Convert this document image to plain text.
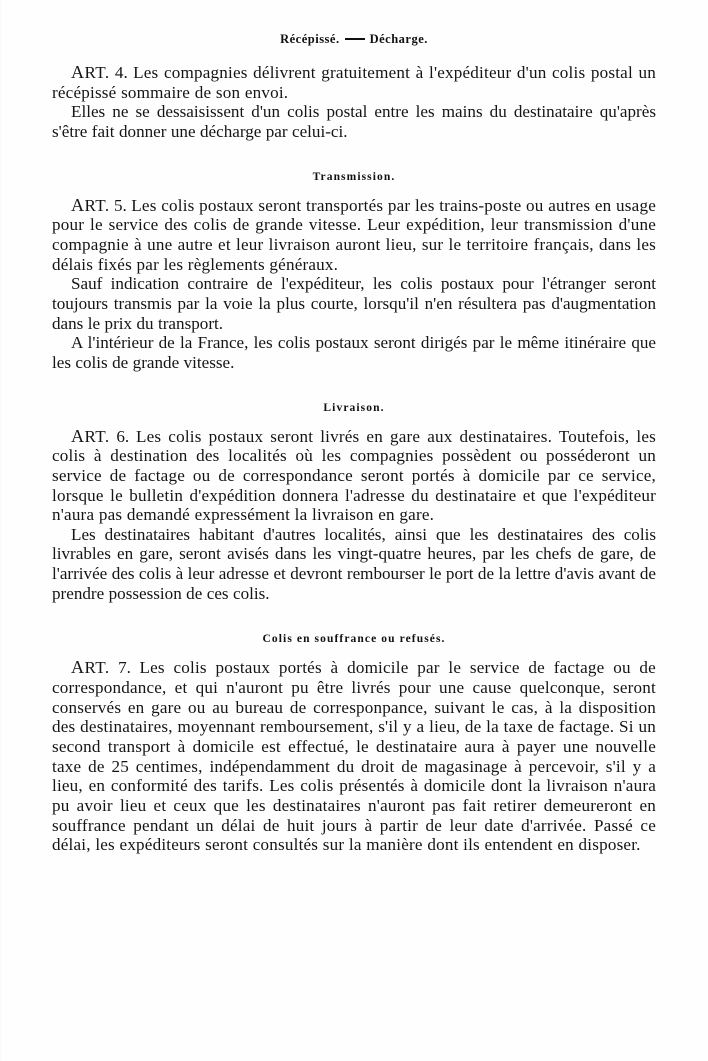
Récépissé. Décharge.

ART. 4. Les compagnies délivrent gratuitement à l'expéditeur d'un colis postal un récépissé sommaire de son envoi.

Elles ne se dessaisissent d'un colis postal entre les mains du destinataire qu'après s'être fait donner une décharge par celui-ci.

Transmission.

ART. 5. Les colis postaux seront transportés par les trains-poste ou autres en usage pour le service des colis de grande vitesse. Leur expédition, leur transmission d'une compagnie à une autre et leur livraison auront lieu, sur le territoire français, dans les délais fixés par les règlements généraux.

Sauf indication contraire de l'expéditeur, les colis postaux pour l'étranger seront toujours transmis par la voie la plus courte, lorsqu'il n'en résultera pas d'augmentation dans le prix du transport.

A l'intérieur de la France, les colis postaux seront dirigés par le même itinéraire que les colis de grande vitesse.

Livraison.

ART. 6. Les colis postaux seront livrés en gare aux destinataires. Toutefois, les colis à destination des localités où les compagnies possèdent ou posséderont un service de factage ou de correspondance seront portés à domicile par ce service, lorsque le bulletin d'expédition donnera l'adresse du destinataire et que l'expéditeur n'aura pas demandé expressément la livraison en gare.

Les destinataires habitant d'autres localités, ainsi que les destinataires des colis livrables en gare, seront avisés dans les vingt-quatre heures, par les chefs de gare, de l'arrivée des colis à leur adresse et devront rembourser le port de la lettre d'avis avant de prendre possession de ces colis.

Colis en souffrance ou refusés.

ART. 7. Les colis postaux portés à domicile par le service de factage ou de correspondance, et qui n'auront pu être livrés pour une cause quelconque, seront conservés en gare ou au bureau de corresponpance, suivant le cas, à la disposition des destinataires, moyennant remboursement, s'il y a lieu, de la taxe de factage. Si un second transport à domicile est effectué, le destinataire aura à payer une nouvelle taxe de 25 centimes, indépendamment du droit de magasinage à percevoir, s'il y a lieu, en conformité des tarifs. Les colis présentés à domicile dont la livraison n'aura pu avoir lieu et ceux que les destinataires n'auront pas fait retirer demeureront en souffrance pendant un délai de huit jours à partir de leur date d'arrivée. Passé ce délai, les expéditeurs seront consultés sur la manière dont ils entendent en disposer.
